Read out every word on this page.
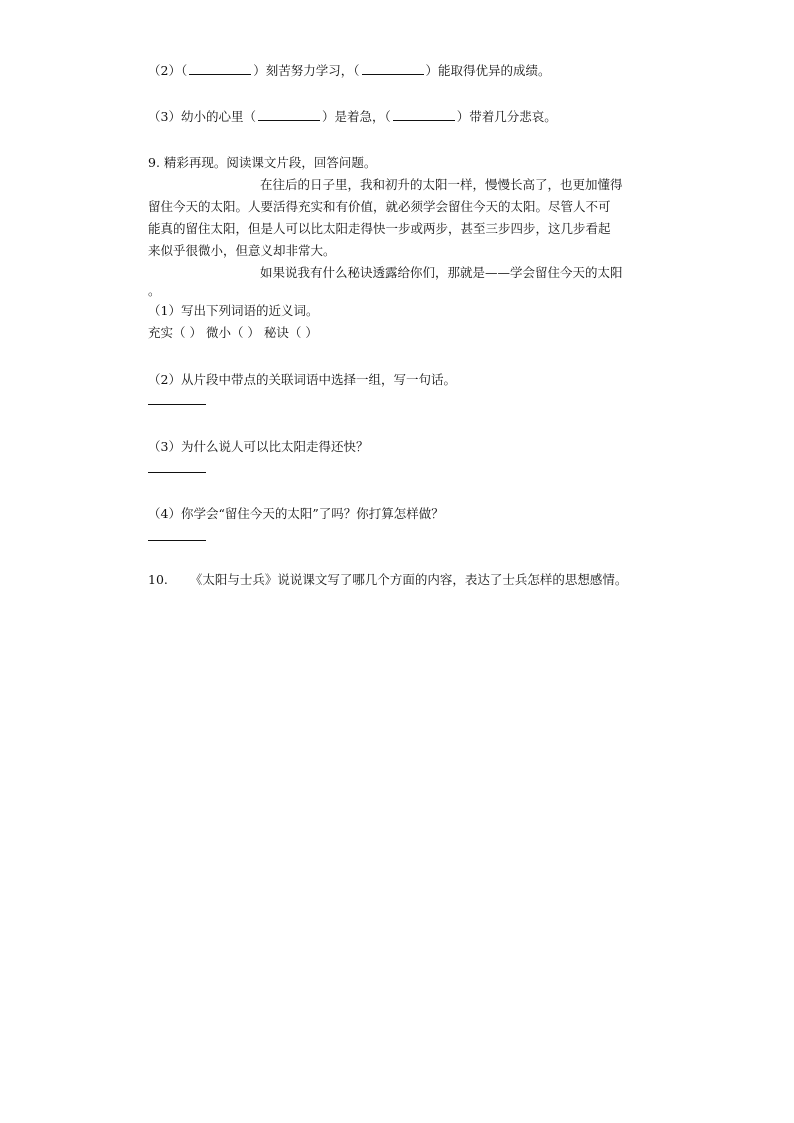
（2）（	）刻苦努力学习，（	）能取得优异的成绩。
（3）幼小的心里（	）是着急，（	）带着几分悲哀。
9. 精彩再现。阅读课文片段，回答问题。
在往后的日子里，我和初升的太阳一样，慢慢长高了，也更加懂得
留住今天的太阳。人要活得充实和有价值，就必须学会留住今天的太阳。尽管人不可
能真的留住太阳，但是人可以比太阳走得快一步或两步，甚至三步四步，这几步看起
来似乎很微小，但意义却非常大。
如果说我有什么秘诀透露给你们，那就是——学会留住今天的太阳
。
（1）写出下列词语的近义词。
充实（ ） 微小（ ） 秘诀（ ）
（2）从片段中带点的关联词语中选择一组，写一句话。
（3）为什么说人可以比太阳走得还快？
（4）你学会“留住今天的太阳”了吗？你打算怎样做？
10. 《太阳与士兵》说说课文写了哪几个方面的内容，表达了士兵怎样的思想感情。
